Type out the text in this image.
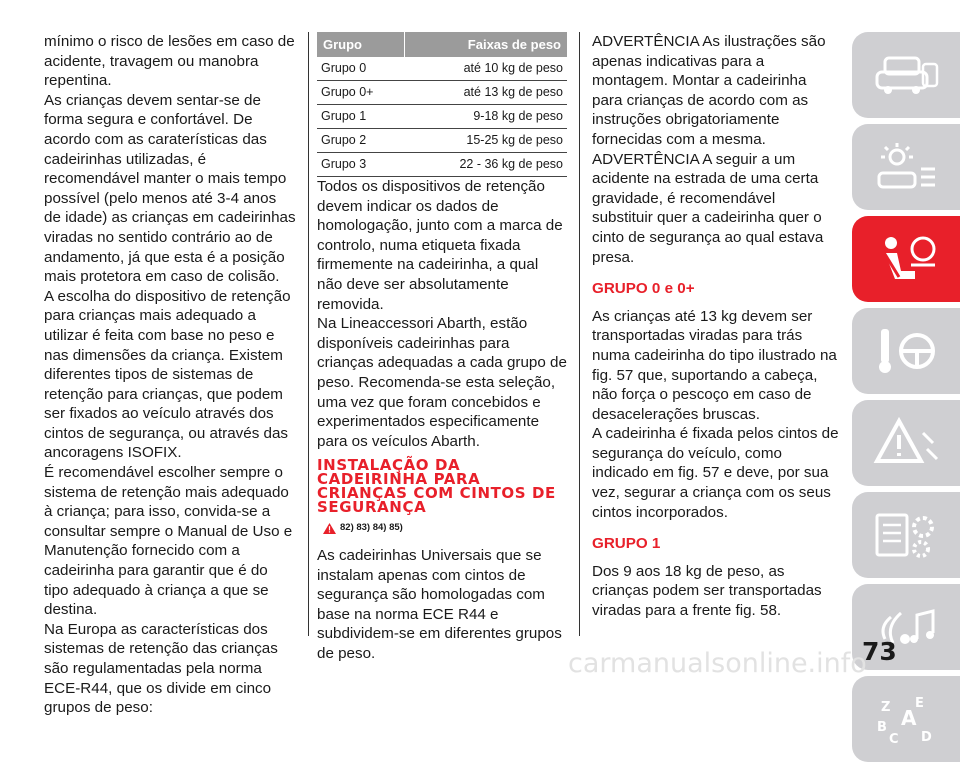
mínimo o risco de lesões em caso de acidente, travagem ou manobra repentina.

As crianças devem sentar-se de forma segura e confortável. De acordo com as caraterísticas das cadeirinhas utilizadas, é recomendável manter o mais tempo possível (pelo menos até 3-4 anos de idade) as crianças em cadeirinhas viradas no sentido contrário ao de andamento, já que esta é a posição mais protetora em caso de colisão.

A escolha do dispositivo de retenção para crianças mais adequado a utilizar é feita com base no peso e nas dimensões da criança. Existem diferentes tipos de sistemas de retenção para crianças, que podem ser fixados ao veículo através dos cintos de segurança, ou através das ancoragens ISOFIX.

É recomendável escolher sempre o sistema de retenção mais adequado à criança; para isso, convida-se a consultar sempre o Manual de Uso e Manutenção fornecido com a cadeirinha para garantir que é do tipo adequado à criança a que se destina.

Na Europa as características dos sistemas de retenção das crianças são regulamentadas pela norma ECE-R44, que os divide em cinco grupos de peso:

Grupo	Faixas de peso
Grupo 0	até 10 kg de peso
Grupo 0+	até 13 kg de peso
Grupo 1	9-18 kg de peso
Grupo 2	15-25 kg de peso
Grupo 3	22 - 36 kg de peso

Todos os dispositivos de retenção devem indicar os dados de homologação, junto com a marca de controlo, numa etiqueta fixada firmemente na cadeirinha, a qual não deve ser absolutamente removida.

Na Lineaccessori Abarth, estão disponíveis cadeirinhas para crianças adequadas a cada grupo de peso. Recomenda-se esta seleção, uma vez que foram concebidos e experimentados especificamente para os veículos Abarth.

INSTALAÇÃO DA CADEIRINHA PARA CRIANÇAS COM CINTOS DE SEGURANÇA
82) 83) 84) 85)

As cadeirinhas Universais que se instalam apenas com cintos de segurança são homologadas com base na norma ECE R44 e subdividem-se em diferentes grupos de peso.

ADVERTÊNCIA As ilustrações são apenas indicativas para a montagem. Montar a cadeirinha para crianças de acordo com as instruções obrigatoriamente fornecidas com a mesma.

ADVERTÊNCIA A seguir a um acidente na estrada de uma certa gravidade, é recomendável substituir quer a cadeirinha quer o cinto de segurança ao qual estava presa.

GRUPO 0 e 0+

As crianças até 13 kg devem ser transportadas viradas para trás numa cadeirinha do tipo ilustrado na fig. 57 que, suportando a cabeça, não força o pescoço em caso de desacelerações bruscas.

A cadeirinha é fixada pelos cintos de segurança do veículo, como indicado em fig. 57 e deve, por sua vez, segurar a criança com os seus cintos incorporados.

GRUPO 1

Dos 9 aos 18 kg de peso, as crianças podem ser transportadas viradas para a frente fig. 58.

Z E
A
B
C D
carmanualsonline.info
73
